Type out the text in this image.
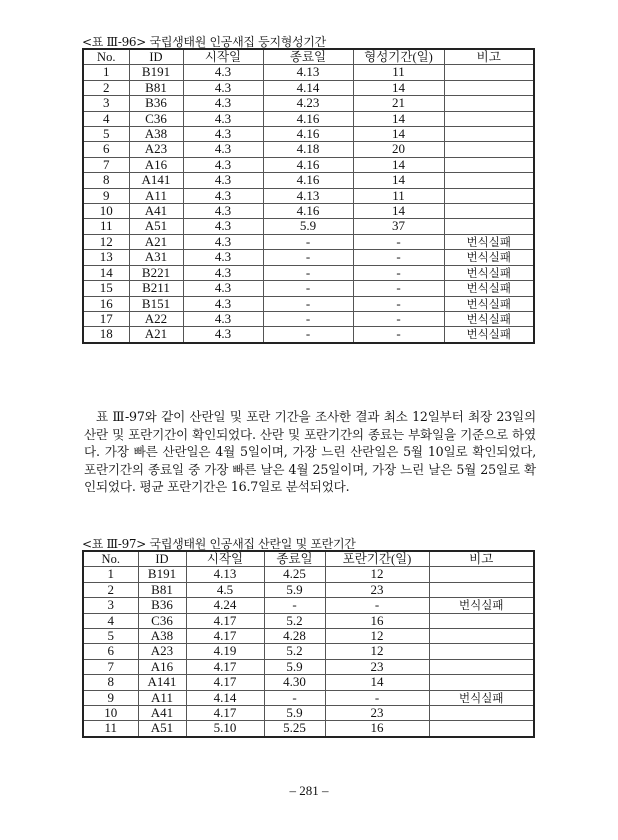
<표 Ⅲ-96> 국립생태원 인공새집 둥지형성기간
No.	ID	시작일	종료일	형성기간(일)	비고
1	B191	4.3	4.13	11	
2	B81	4.3	4.14	14	
3	B36	4.3	4.23	21	
4	C36	4.3	4.16	14	
5	A38	4.3	4.16	14	
6	A23	4.3	4.18	20	
7	A16	4.3	4.16	14	
8	A141	4.3	4.16	14	
9	A11	4.3	4.13	11	
10	A41	4.3	4.16	14	
11	A51	4.3	5.9	37	
12	A21	4.3	-	-	번식실패
13	A31	4.3	-	-	번식실패
14	B221	4.3	-	-	번식실패
15	B211	4.3	-	-	번식실패
16	B151	4.3	-	-	번식실패
17	A22	4.3	-	-	번식실패
18	A21	4.3	-	-	번식실패
표 Ⅲ-97와 같이 산란일 및 포란 기간을 조사한 결과 최소 12일부터 최장 23일의 산란 및 포란기간이 확인되었다. 산란 및 포란기간의 종료는 부화일을 기준으로 하였다. 가장 빠른 산란일은 4월 5일이며, 가장 느린 산란일은 5월 10일로 확인되었다, 포란기간의 종료일 중 가장 빠른 날은 4월 25일이며, 가장 느린 날은 5월 25일로 확인되었다. 평균 포란기간은 16.7일로 분석되었다.
<표 Ⅲ-97> 국립생태원 인공새집 산란일 및 포란기간
No.	ID	시작일	종료일	포란기간(일)	비고
1	B191	4.13	4.25	12	
2	B81	4.5	5.9	23	
3	B36	4.24	-	-	번식실패
4	C36	4.17	5.2	16	
5	A38	4.17	4.28	12	
6	A23	4.19	5.2	12	
7	A16	4.17	5.9	23	
8	A141	4.17	4.30	14	
9	A11	4.14	-	-	번식실패
10	A41	4.17	5.9	23	
11	A51	5.10	5.25	16	
– 281 –
